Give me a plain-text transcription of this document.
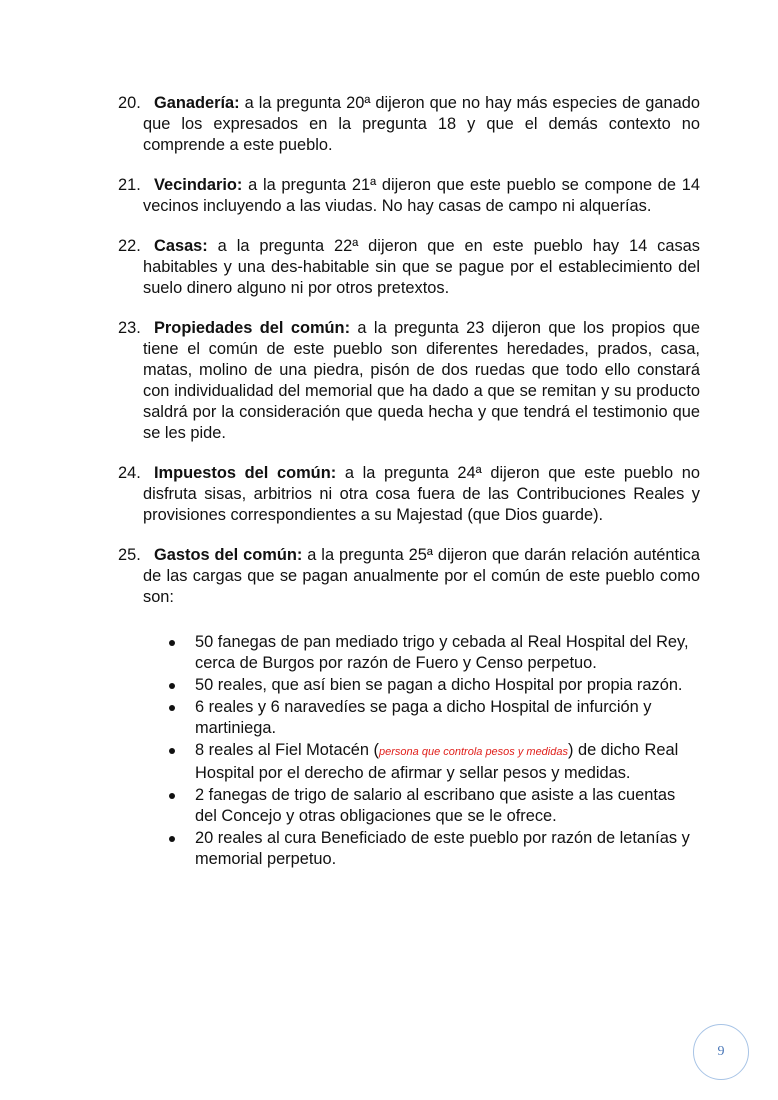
20. Ganadería: a la pregunta 20ª dijeron que no hay más especies de ganado que los expresados en la pregunta 18 y que el demás contexto no comprende a este pueblo.
21. Vecindario: a la pregunta 21ª dijeron que este pueblo se compone de 14 vecinos incluyendo a las viudas. No hay casas de campo ni alquerías.
22. Casas: a la pregunta 22ª dijeron que en este pueblo hay 14 casas habitables y una des-habitable sin que se pague por el establecimiento del suelo dinero alguno ni por otros pretextos.
23. Propiedades del común: a la pregunta 23 dijeron que los propios que tiene el común de este pueblo son diferentes heredades, prados, casa, matas, molino de una piedra, pisón de dos ruedas que todo ello constará con individualidad del memorial que ha dado a que se remitan y su producto saldrá por la consideración que queda hecha y que tendrá el testimonio que se les pide.
24. Impuestos del común: a la pregunta 24ª dijeron que este pueblo no disfruta sisas, arbitrios ni otra cosa fuera de las Contribuciones Reales y provisiones correspondientes a su Majestad (que Dios guarde).
25. Gastos del común: a la pregunta 25ª dijeron que darán relación auténtica de las cargas que se pagan anualmente por el común de este pueblo como son:
50 fanegas de pan mediado trigo y cebada al Real Hospital del Rey, cerca de Burgos por razón de Fuero y Censo perpetuo.
50 reales, que así bien se pagan a dicho Hospital por propia razón.
6 reales y 6 naravedíes se paga a dicho Hospital de infurción y martiniega.
8 reales al Fiel Motacén (persona que controla pesos y medidas) de dicho Real Hospital por el derecho de afirmar y sellar pesos y medidas.
2 fanegas de trigo de salario al escribano que asiste a las cuentas del Concejo y otras obligaciones que se le ofrece.
20 reales al cura Beneficiado de este pueblo por razón de letanías y memorial perpetuo.
9
